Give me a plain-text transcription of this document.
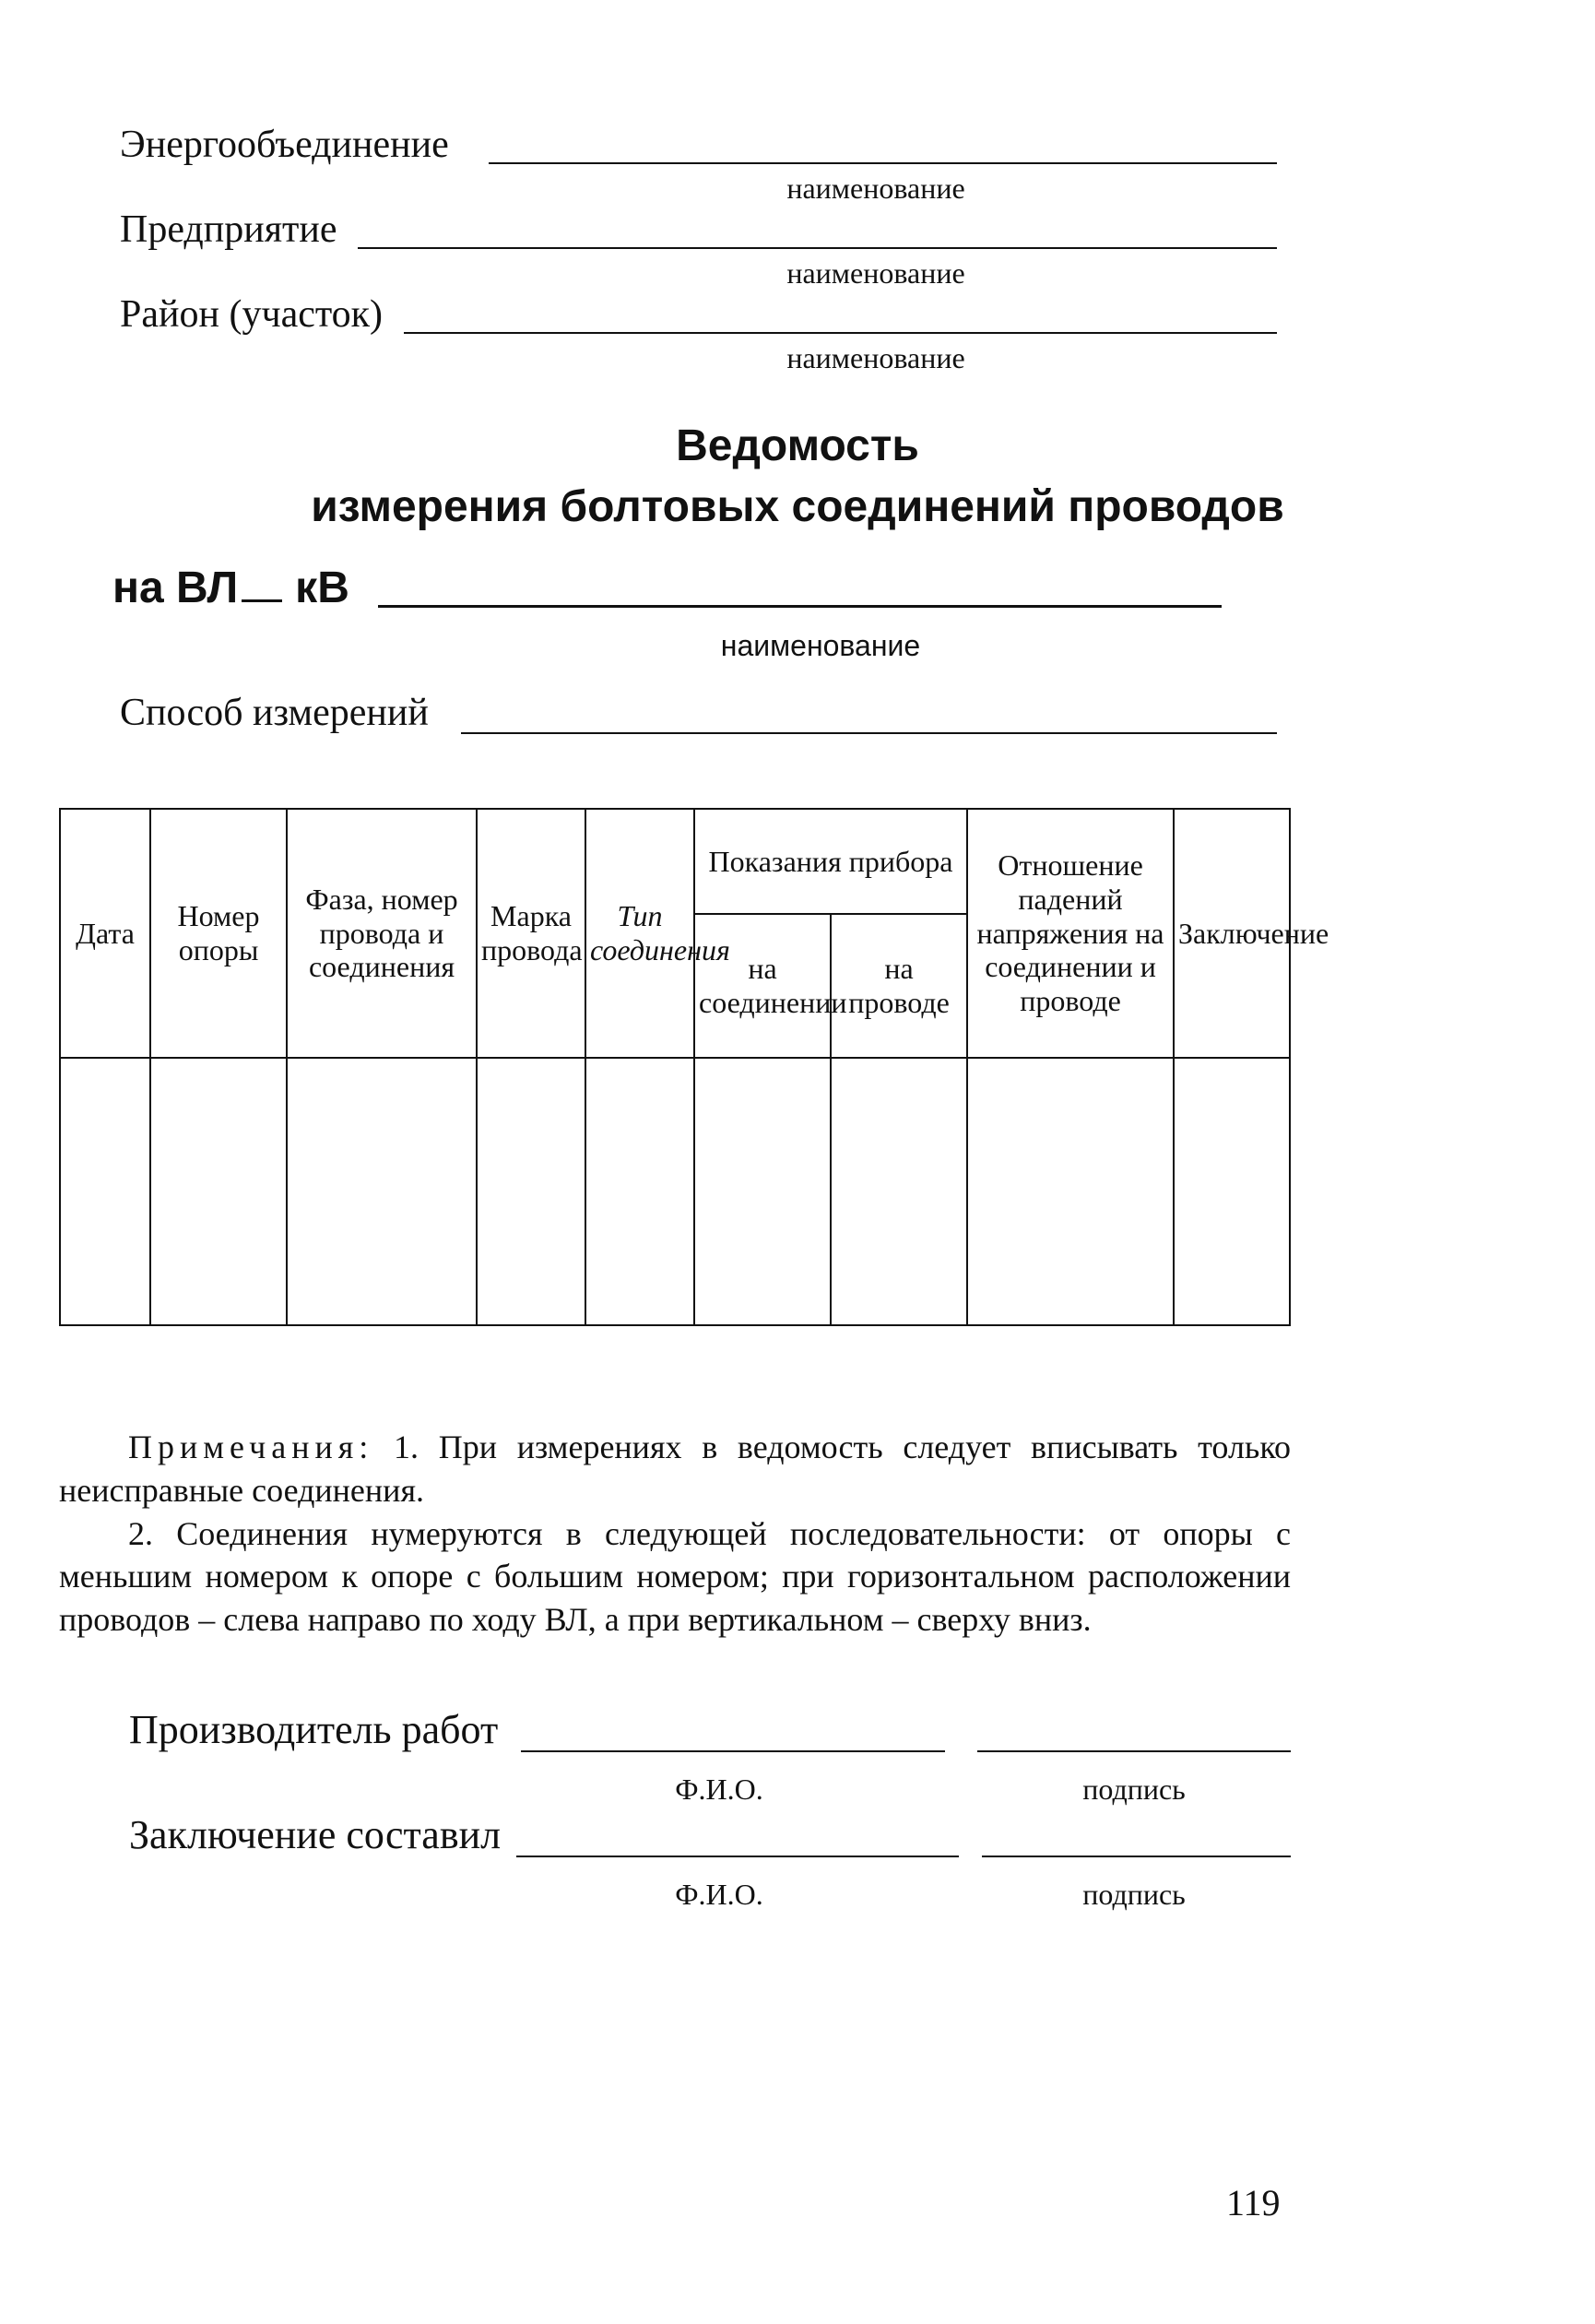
Энергообъединение
наименование
Предприятие
наименование
Район (участок)
наименование
Ведомость
измерения болтовых соединений проводов
на ВЛ кВ
наименование
Способ измерений
Дата	Номер опоры	Фаза, номер провода и соединения	Марка провода	Тип соединения	Показания прибора		Отношение падений напряжения на соединении и проводе	Заключение
					на соединении	на проводе		

Примечания: 1. При измерениях в ведомость следует вписывать только неисправные соединения.

2. Соединения нумеруются в следующей последовательности: от опоры с меньшим номером к опоре с большим номером; при горизонтальном расположении проводов – слева направо по ходу ВЛ, а при вертикальном – сверху вниз.

Производитель работ
Ф.И.О.	подпись
Заключение составил
Ф.И.О.	подпись
119
